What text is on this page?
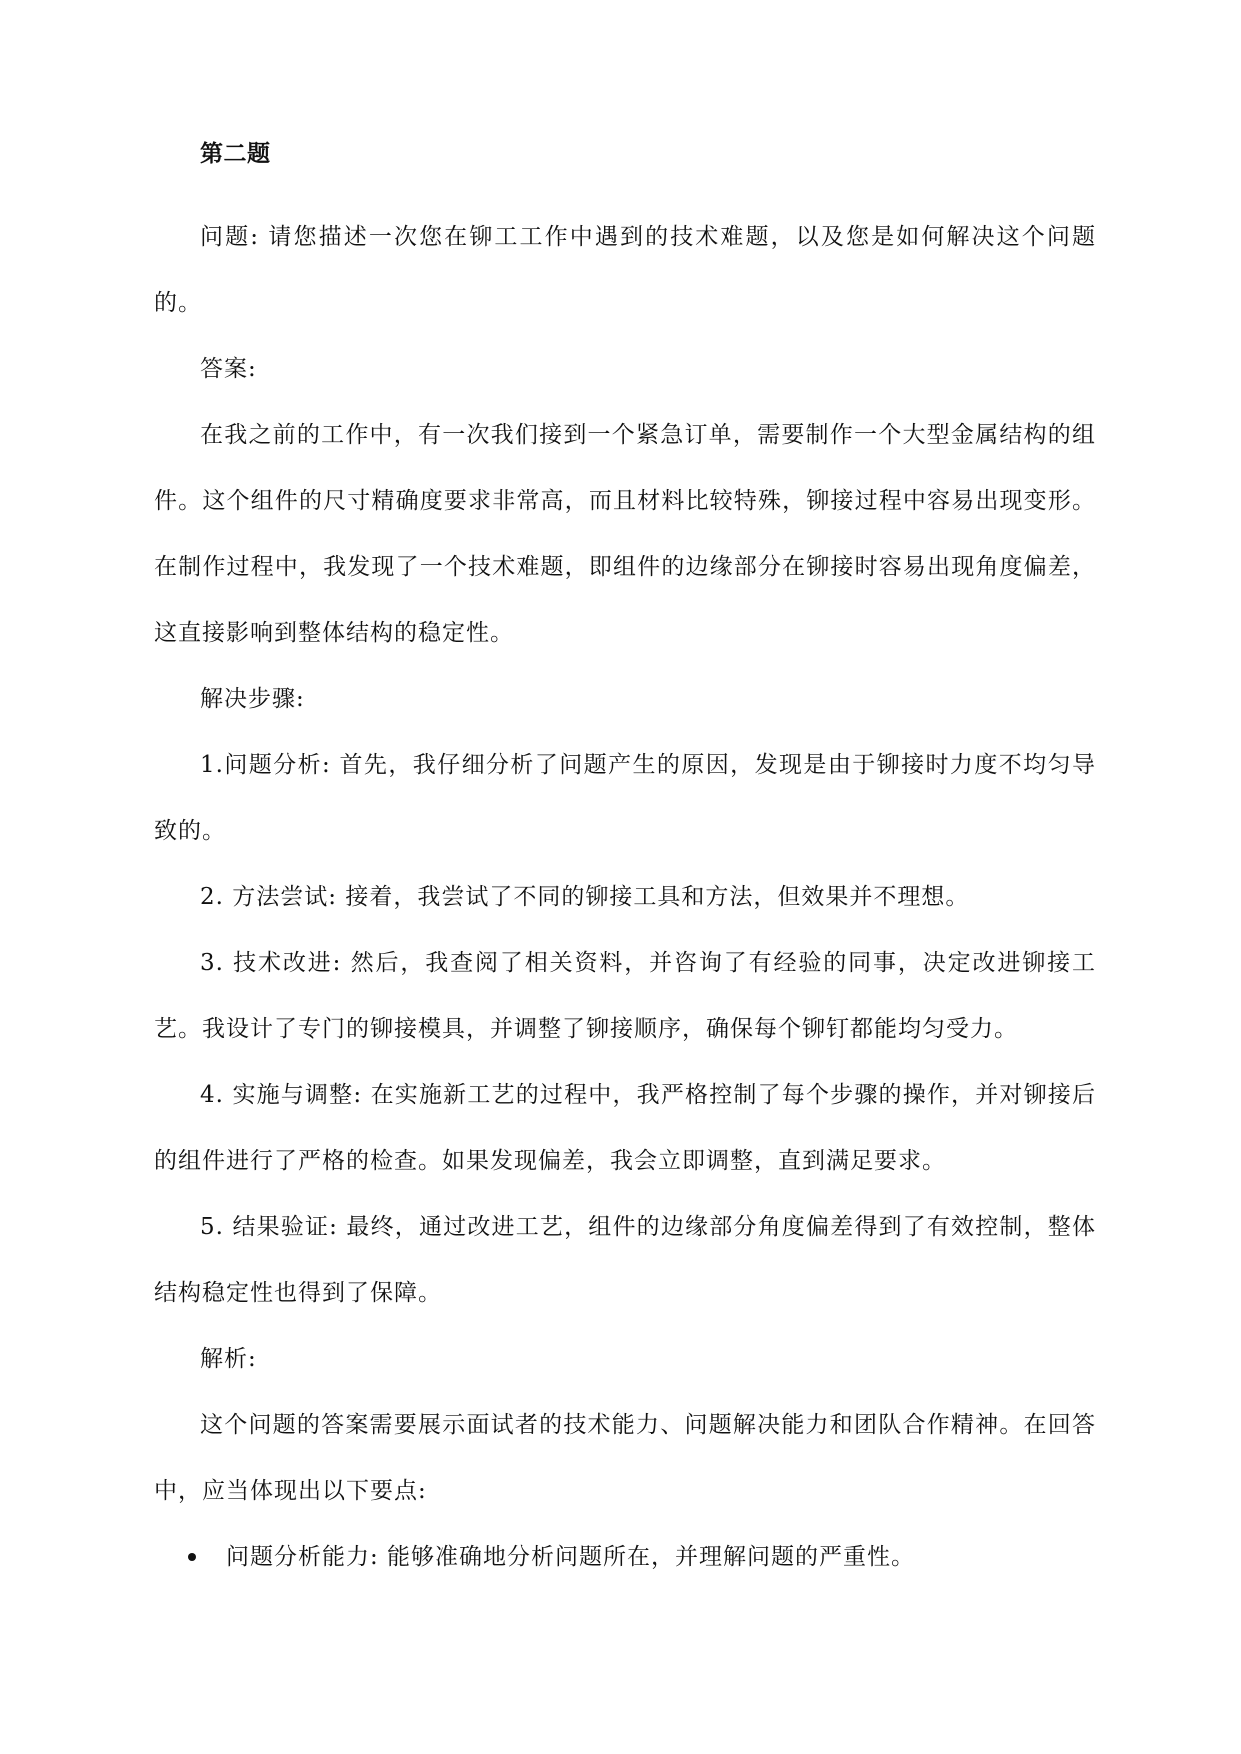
第二题

问题: 请您描述一次您在铆工工作中遇到的技术难题，以及您是如何解决这个问题的。

答案:

在我之前的工作中，有一次我们接到一个紧急订单，需要制作一个大型金属结构的组件。这个组件的尺寸精确度要求非常高，而且材料比较特殊，铆接过程中容易出现变形。在制作过程中，我发现了一个技术难题，即组件的边缘部分在铆接时容易出现角度偏差，这直接影响到整体结构的稳定性。

解决步骤:

1.问题分析: 首先，我仔细分析了问题产生的原因，发现是由于铆接时力度不均匀导致的。

2. 方法尝试: 接着，我尝试了不同的铆接工具和方法，但效果并不理想。

3. 技术改进: 然后，我查阅了相关资料，并咨询了有经验的同事，决定改进铆接工艺。我设计了专门的铆接模具，并调整了铆接顺序，确保每个铆钉都能均匀受力。

4. 实施与调整: 在实施新工艺的过程中，我严格控制了每个步骤的操作，并对铆接后的组件进行了严格的检查。如果发现偏差，我会立即调整，直到满足要求。

5. 结果验证: 最终，通过改进工艺，组件的边缘部分角度偏差得到了有效控制，整体结构稳定性也得到了保障。

解析:

这个问题的答案需要展示面试者的技术能力、问题解决能力和团队合作精神。在回答中，应当体现出以下要点:

问题分析能力: 能够准确地分析问题所在，并理解问题的严重性。
